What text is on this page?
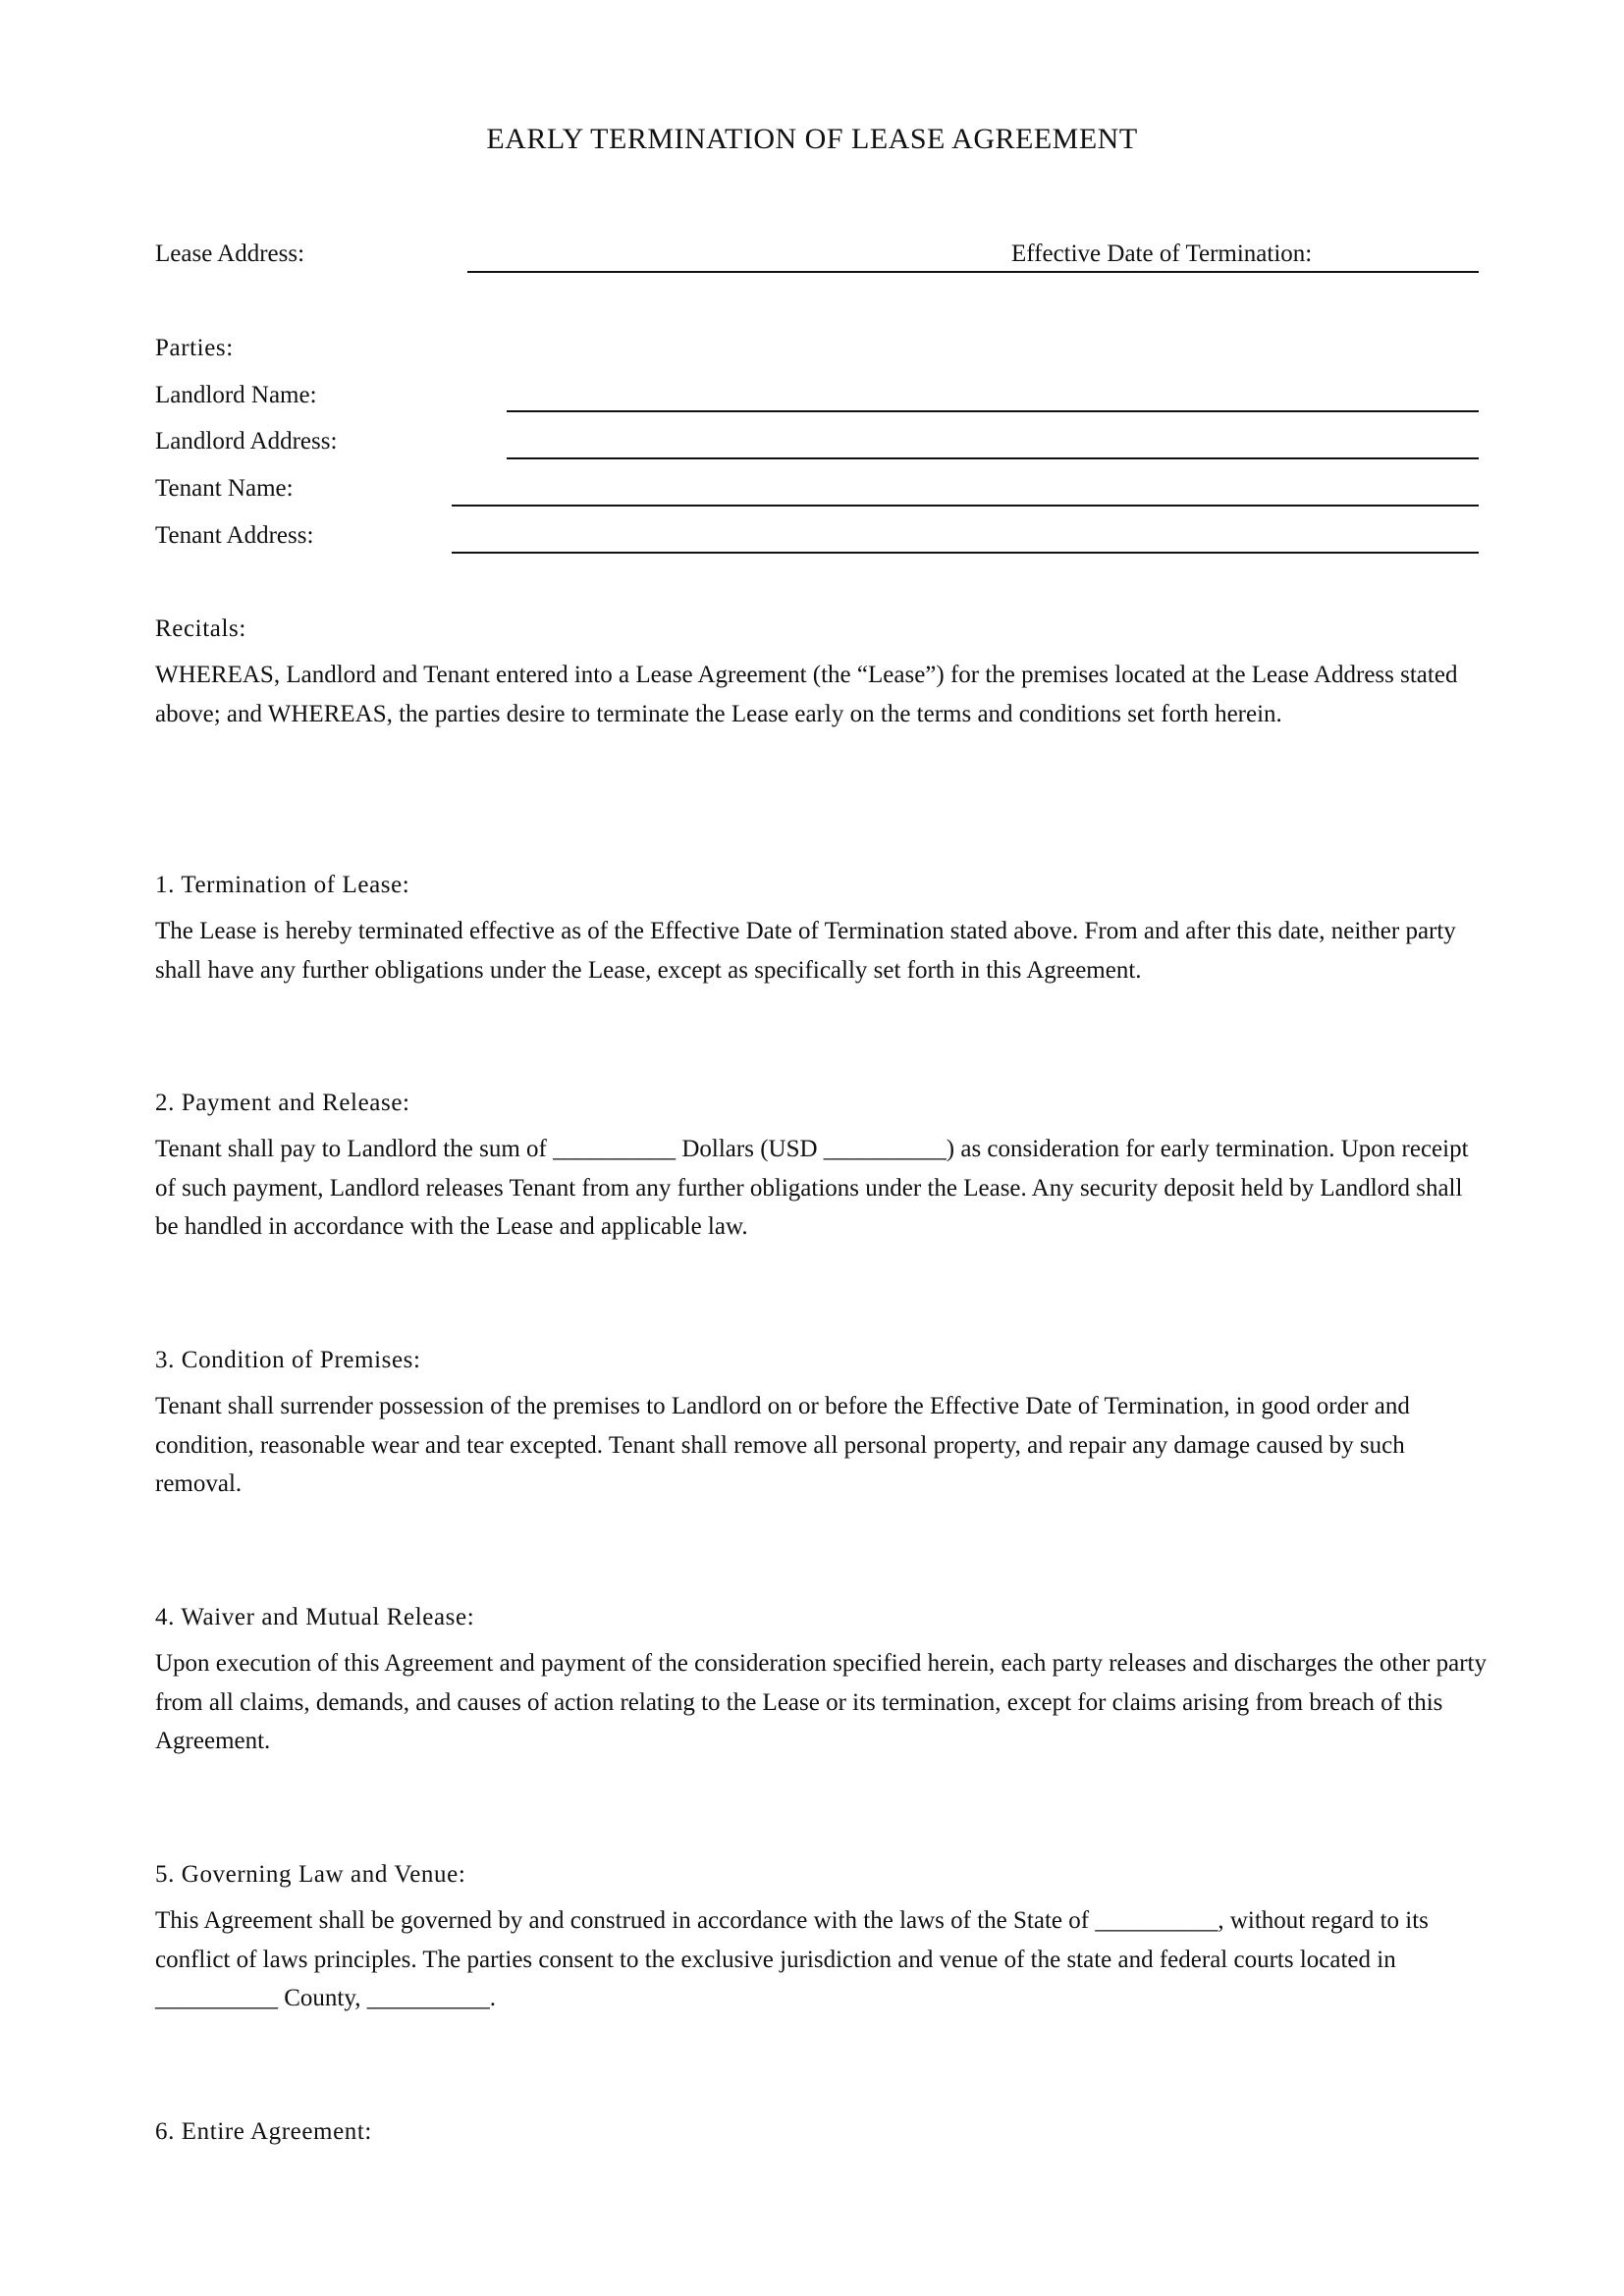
EARLY TERMINATION OF LEASE AGREEMENT
Lease Address:	Effective Date of Termination:
Parties:
Landlord Name:
Landlord Address:
Tenant Name:
Tenant Address:
Recitals:
WHEREAS, Landlord and Tenant entered into a Lease Agreement (the “Lease”) for the premises located at the Lease Address stated above; and WHEREAS, the parties desire to terminate the Lease early on the terms and conditions set forth herein.
1. Termination of Lease:
The Lease is hereby terminated effective as of the Effective Date of Termination stated above. From and after this date, neither party shall have any further obligations under the Lease, except as specifically set forth in this Agreement.
2. Payment and Release:
Tenant shall pay to Landlord the sum of __________ Dollars (USD __________) as consideration for early termination. Upon receipt of such payment, Landlord releases Tenant from any further obligations under the Lease. Any security deposit held by Landlord shall be handled in accordance with the Lease and applicable law.
3. Condition of Premises:
Tenant shall surrender possession of the premises to Landlord on or before the Effective Date of Termination, in good order and condition, reasonable wear and tear excepted. Tenant shall remove all personal property, and repair any damage caused by such removal.
4. Waiver and Mutual Release:
Upon execution of this Agreement and payment of the consideration specified herein, each party releases and discharges the other party from all claims, demands, and causes of action relating to the Lease or its termination, except for claims arising from breach of this Agreement.
5. Governing Law and Venue:
This Agreement shall be governed by and construed in accordance with the laws of the State of __________, without regard to its conflict of laws principles. The parties consent to the exclusive jurisdiction and venue of the state and federal courts located in __________ County, __________.
6. Entire Agreement:
